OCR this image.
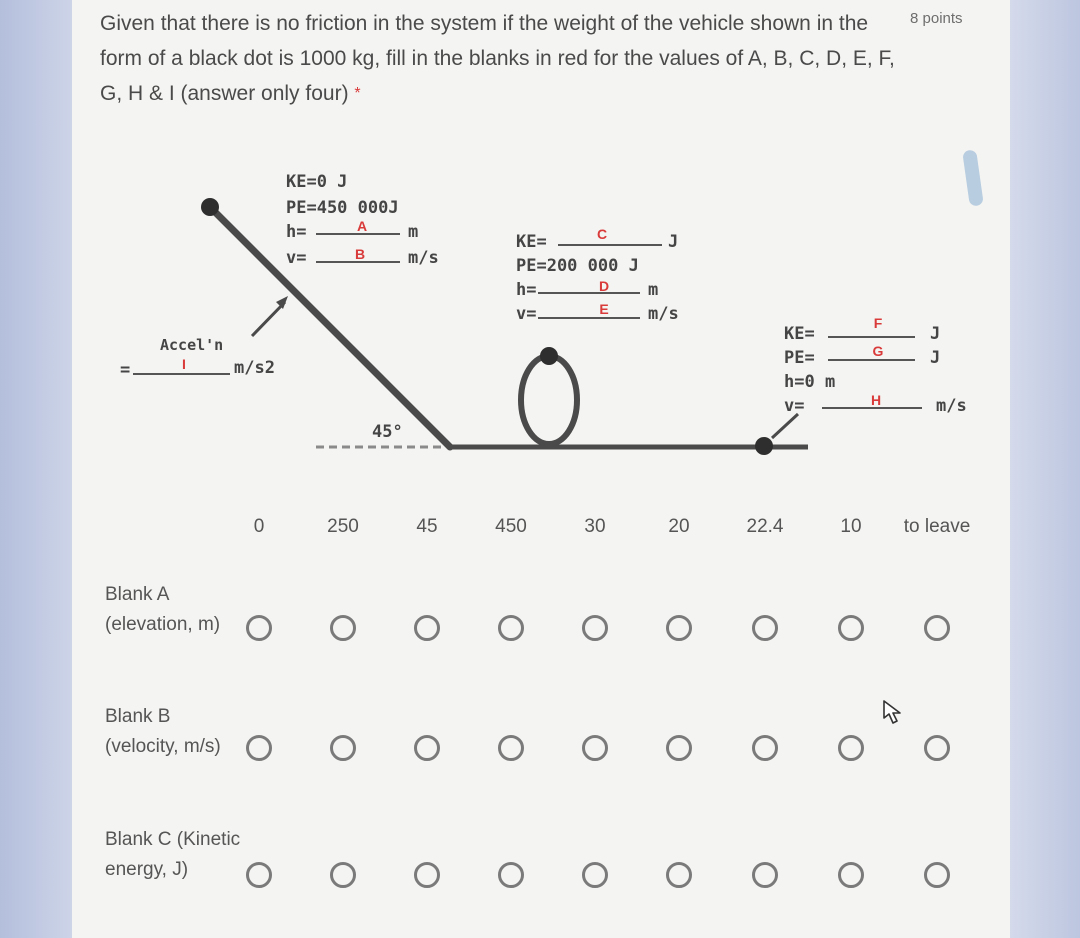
Given that there is no friction in the system if the weight of the vehicle shown in the form of a black dot is 1000 kg, fill in the blanks in red for the values of A, B, C, D, E, F, G, H & I (answer only four) *
8 points
KE=0 J
PE=450 000J
h=	A	m
v=	B	m/s
KE=	C	J
PE=200 000 J
h=	D	m
v=	E	m/s
KE=
F
J
PE=	G	J
h=0 m
v=	H	m/s
Accel'n
=	I	m/s2
45°
0	250	45	450	30	20	22.4	10 to leave
Blank A (elevation, m)
Blank B (velocity, m/s)
Blank C (Kinetic energy, J)
